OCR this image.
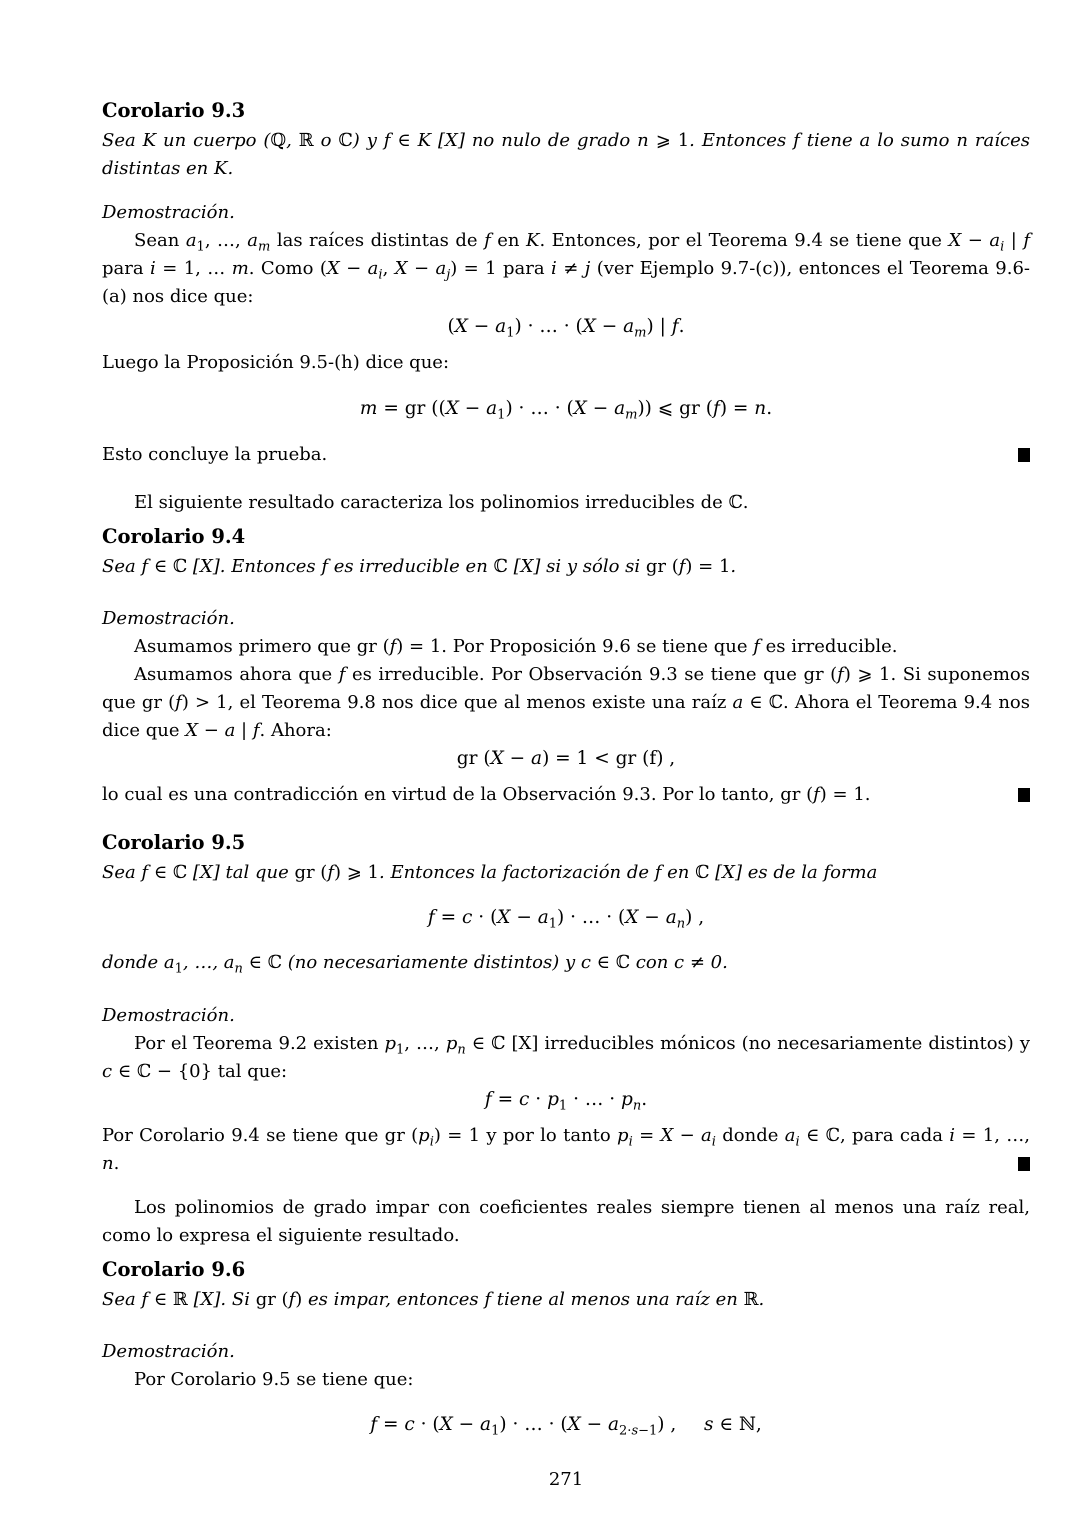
Corolario 9.3
Sea K un cuerpo (ℚ, ℝ o ℂ) y f ∈ K [X] no nulo de grado n ⩾ 1. Entonces f tiene a lo sumo n raíces distintas en K.
Demostración.
Sean $a_1$, …, $a_m$ las raíces distintas de f en K. Entonces, por el Teorema 9.4 se tiene que $X - a_i$ | f para i = 1, … m. Como ($X - a_i$, $X - a_j) = 1$ para i ≠ j (ver Ejemplo 9.7-(c)), entonces el Teorema 9.6-(a) nos dice que:
$(X - a_1)$ · … · $(X - a_m)$ | f.
Luego la Proposición 9.5-(h) dice que:
m = gr ($(X - a_1)$ · … · $(X - a_m)$) ⩽ gr (f) = n.
Esto concluye la prueba.
El siguiente resultado caracteriza los polinomios irreducibles de ℂ.
Corolario 9.4
Sea f ∈ ℂ [X]. Entonces f es irreducible en ℂ [X] si y sólo si gr (f) = 1.
Demostración.
Asumamos primero que gr (f) = 1. Por Proposición 9.6 se tiene que f es irreducible.
Asumamos ahora que f es irreducible. Por Observación 9.3 se tiene que gr (f) ⩾ 1. Si suponemos que gr (f) > 1, el Teorema 9.8 nos dice que al menos existe una raíz a ∈ ℂ. Ahora el Teorema 9.4 nos dice que X − a | f. Ahora:
gr (X − a) = 1 < gr (f) ,
lo cual es una contradicción en virtud de la Observación 9.3. Por lo tanto, gr (f) = 1.
Corolario 9.5
Sea f ∈ ℂ [X] tal que gr (f) ⩾ 1. Entonces la factorización de f en ℂ [X] es de la forma
$f = c \cdot (X - a_1)$ · … · $(X - a_n)$ ,
donde $a_1$, …, $a_n$ ∈ ℂ (no necesariamente distintos) y c ∈ ℂ con c ≠ 0.
Demostración.
Por el Teorema 9.2 existen $p_1$, …, $p_n$ ∈ ℂ [X] irreducibles mónicos (no necesariamente distintos) y c ∈ ℂ − {0} tal que:
$f = c \cdot p_1$ · … · $p_n$.
Por Corolario 9.4 se tiene que gr $(p_i) = 1$ y por lo tanto $p_i = X - a_i$ donde $a_i$ ∈ ℂ, para cada i = 1, …, n.
Los polinomios de grado impar con coeficientes reales siempre tienen al menos una raíz real, como lo expresa el siguiente resultado.
Corolario 9.6
Sea f ∈ ℝ [X]. Si gr (f) es impar, entonces f tiene al menos una raíz en ℝ.
Demostración.
Por Corolario 9.5 se tiene que:
$f = c \cdot (X - a_1)$ · … · $(X - a_{2\cdot s-1})$ ,   s ∈ ℕ,
271
